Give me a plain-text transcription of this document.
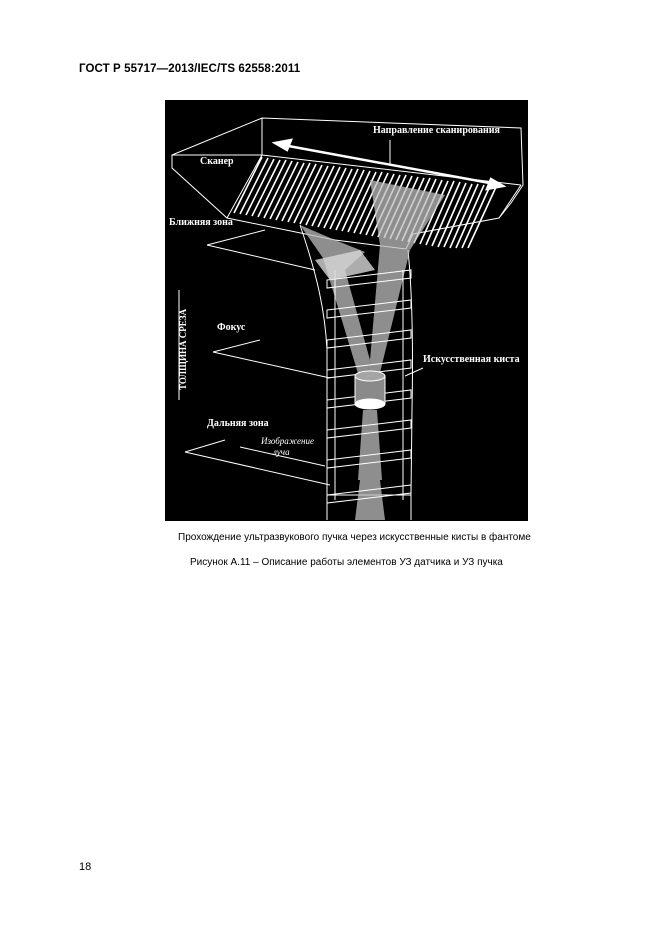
ГОСТ Р 55717—2013/IEC/TS 62558:2011
Направление сканирования
Сканер
Ближняя зона
Фокус
Искусственная киста
Дальняя зона
Изображение
луча
ТОЛЩИНА СРЕЗА
Прохождение ультразвукового пучка через искусственные кисты в фантоме
Рисунок А.11 – Описание работы элементов УЗ датчика и УЗ пучка
18
